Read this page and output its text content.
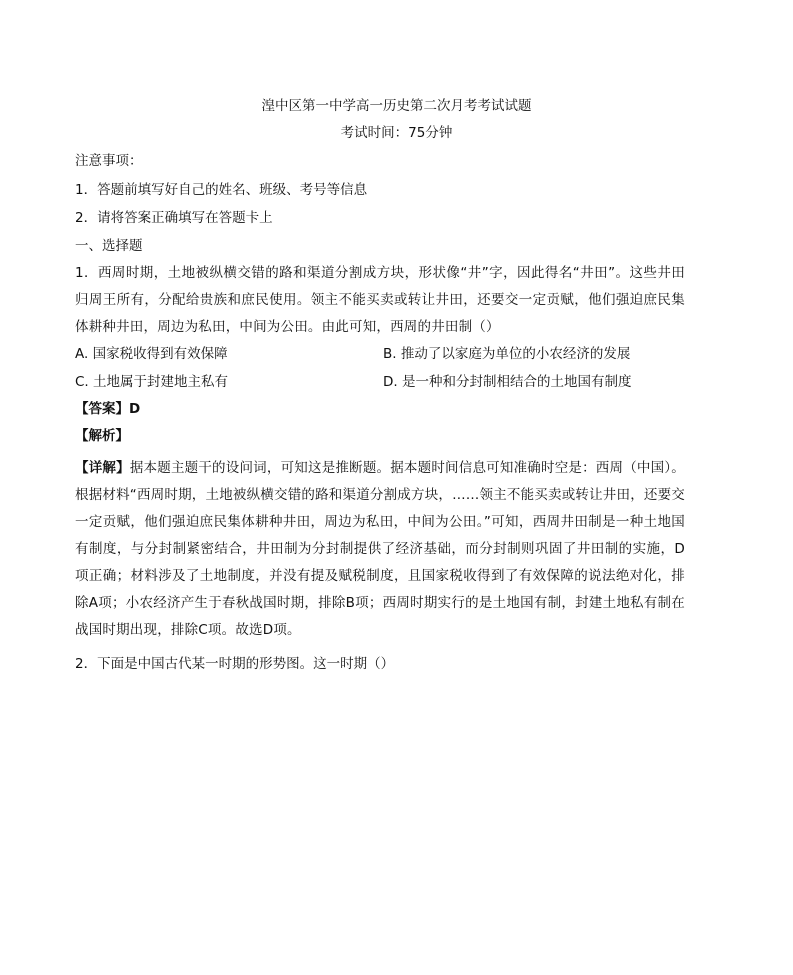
湟中区第一中学高一历史第二次月考考试试题
考试时间：75分钟
注意事项：
1．答题前填写好自己的姓名、班级、考号等信息
2．请将答案正确填写在答题卡上
一、选择题
1．西周时期，土地被纵横交错的路和渠道分割成方块，形状像“井”字，因此得名“井田”。这些井田归周王所有，分配给贵族和庶民使用。领主不能买卖或转让井田，还要交一定贡赋，他们强迫庶民集体耕种井田，周边为私田，中间为公田。由此可知，西周的井田制（）
A. 国家税收得到有效保障	B. 推动了以家庭为单位的小农经济的发展
C. 土地属于封建地主私有	D. 是一种和分封制相结合的土地国有制度
【答案】D
【解析】
【详解】据本题主题干的设问词，可知这是推断题。据本题时间信息可知准确时空是：西周（中国）。根据材料“西周时期，土地被纵横交错的路和渠道分割成方块，……领主不能买卖或转让井田，还要交一定贡赋，他们强迫庶民集体耕种井田，周边为私田，中间为公田。”可知，西周井田制是一种土地国有制度，与分封制紧密结合，井田制为分封制提供了经济基础，而分封制则巩固了井田制的实施，D项正确；材料涉及了土地制度，并没有提及赋税制度，且国家税收得到了有效保障的说法绝对化，排除A项；小农经济产生于春秋战国时期，排除B项；西周时期实行的是土地国有制，封建土地私有制在战国时期出现，排除C项。故选D项。
2．下面是中国古代某一时期的形势图。这一时期（）
